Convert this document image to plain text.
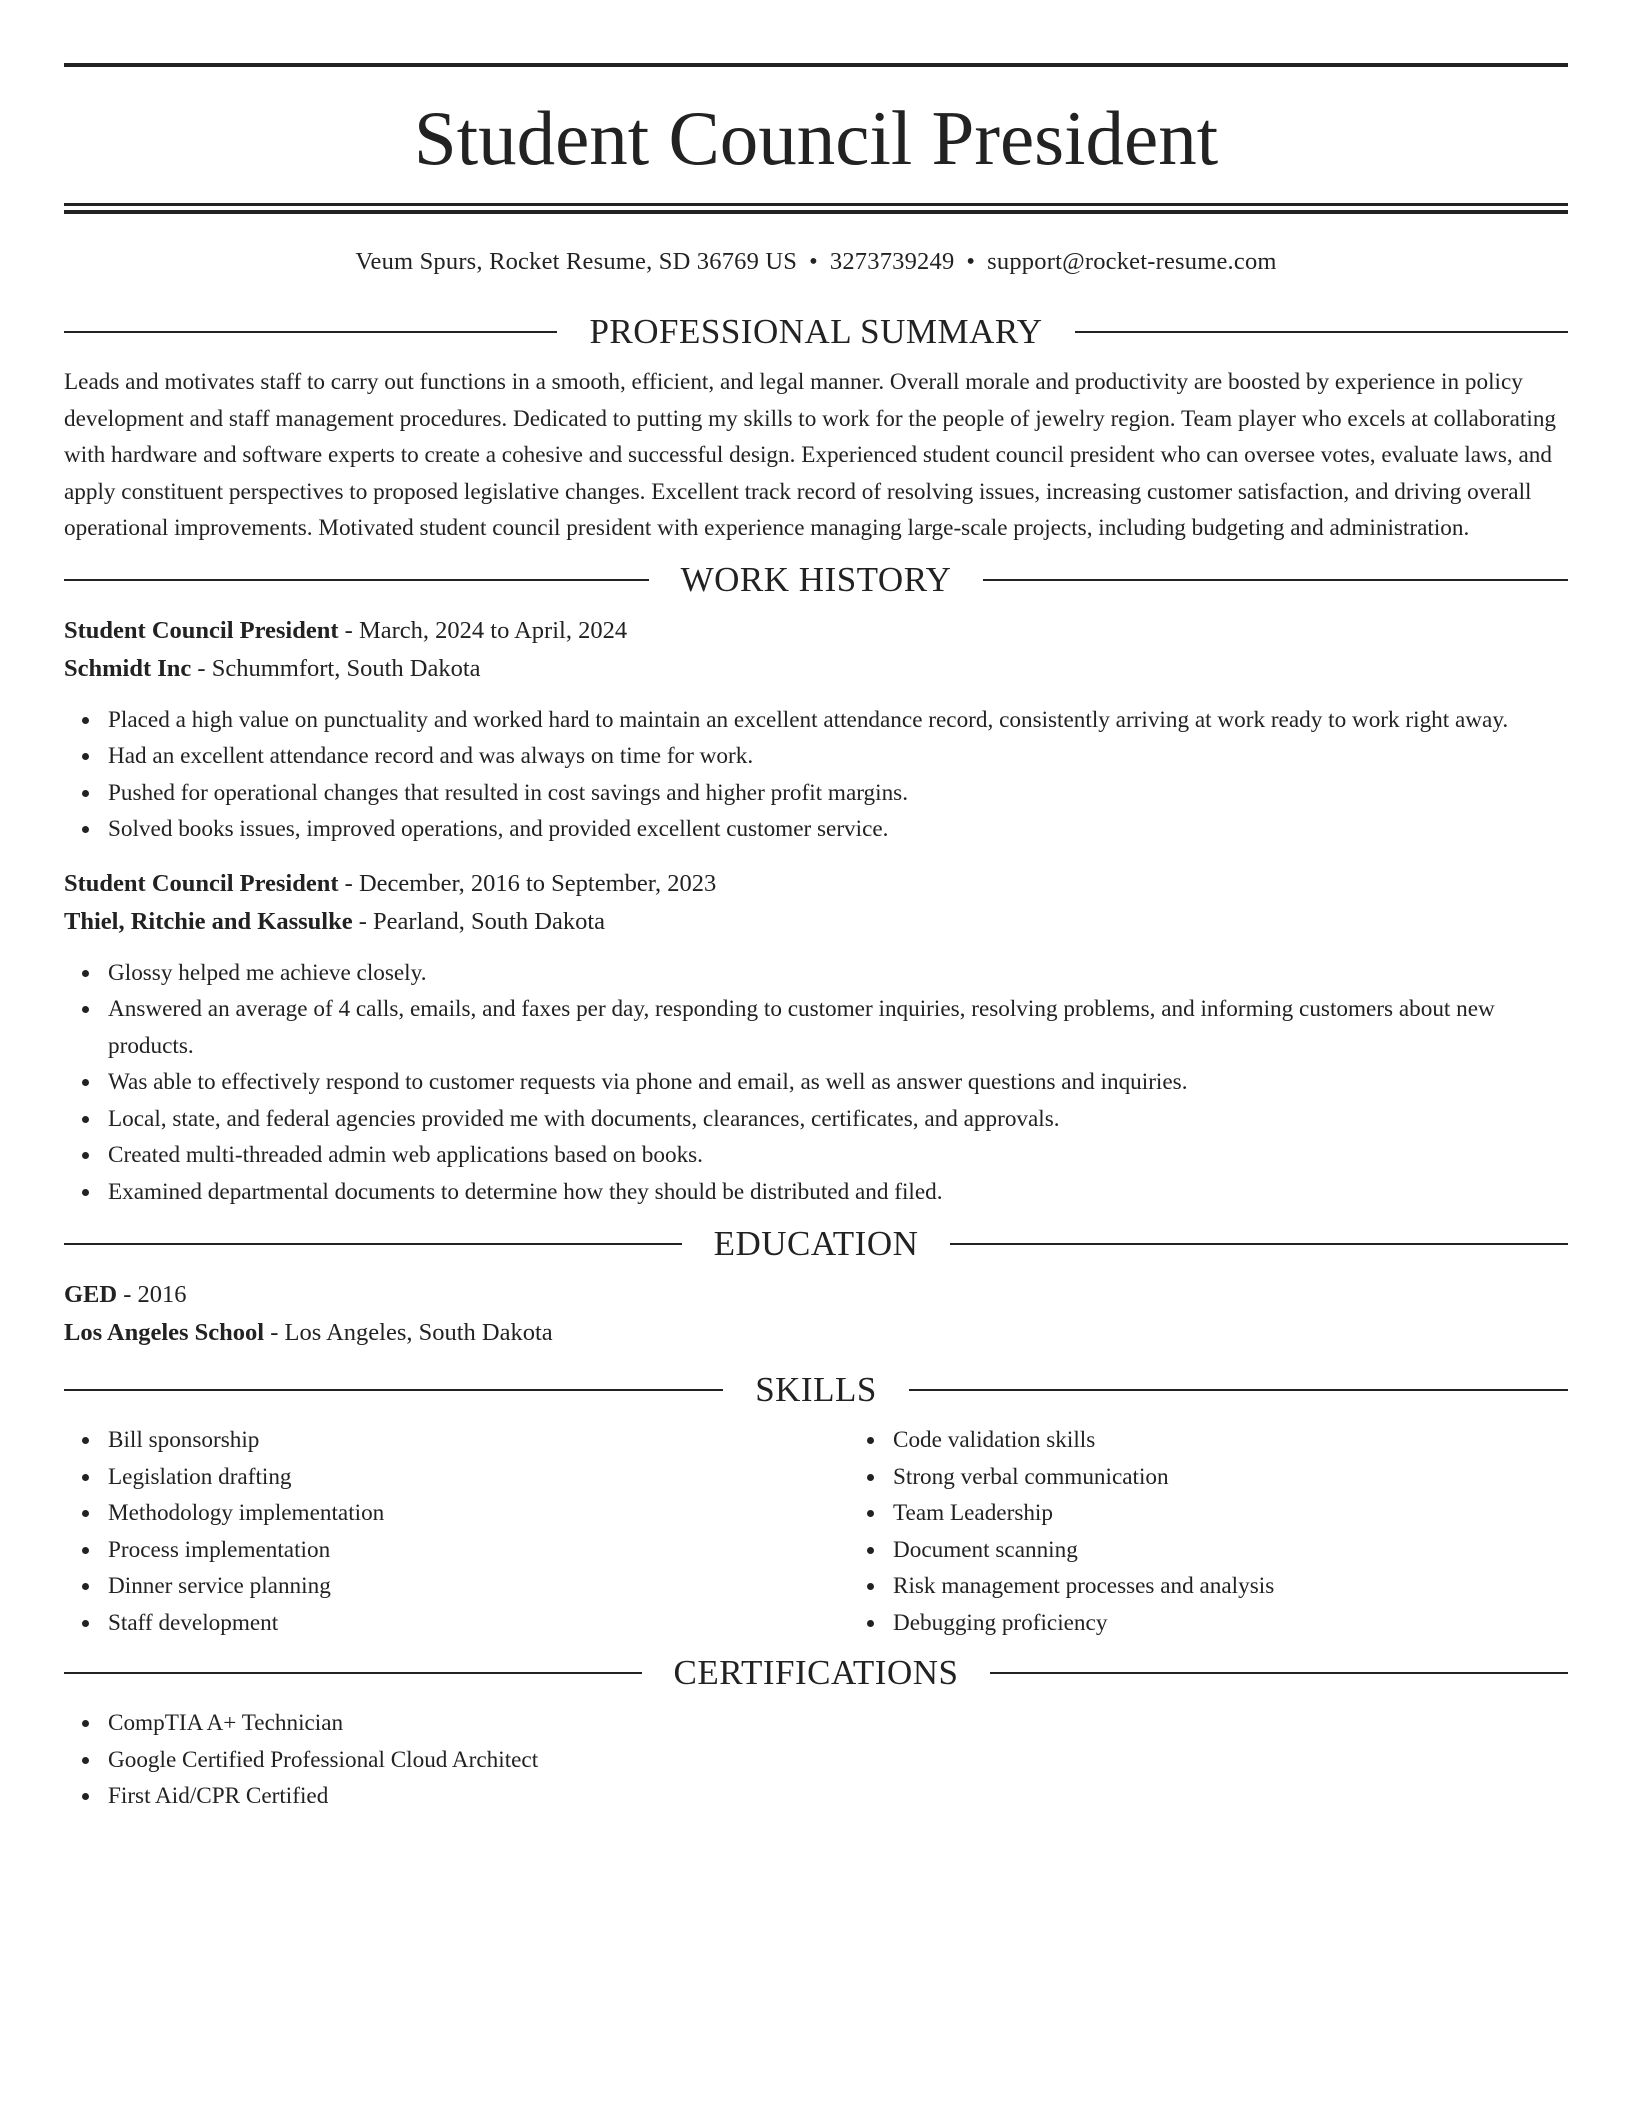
Student Council President
Veum Spurs, Rocket Resume, SD 36769 US • 3273739249 • support@rocket-resume.com
PROFESSIONAL SUMMARY

Leads and motivates staff to carry out functions in a smooth, efficient, and legal manner. Overall morale and productivity are boosted by experience in policy development and staff management procedures. Dedicated to putting my skills to work for the people of jewelry region. Team player who excels at collaborating with hardware and software experts to create a cohesive and successful design. Experienced student council president who can oversee votes, evaluate laws, and apply constituent perspectives to proposed legislative changes. Excellent track record of resolving issues, increasing customer satisfaction, and driving overall operational improvements. Motivated student council president with experience managing large-scale projects, including budgeting and administration.

WORK HISTORY

Student Council President - March, 2024 to April, 2024

Schmidt Inc - Schummfort, South Dakota

Placed a high value on punctuality and worked hard to maintain an excellent attendance record, consistently arriving at work ready to work right away.
Had an excellent attendance record and was always on time for work.
Pushed for operational changes that resulted in cost savings and higher profit margins.
Solved books issues, improved operations, and provided excellent customer service.

Student Council President - December, 2016 to September, 2023

Thiel, Ritchie and Kassulke - Pearland, South Dakota

Glossy helped me achieve closely.
Answered an average of 4 calls, emails, and faxes per day, responding to customer inquiries, resolving problems, and informing customers about new products.
Was able to effectively respond to customer requests via phone and email, as well as answer questions and inquiries.
Local, state, and federal agencies provided me with documents, clearances, certificates, and approvals.
Created multi-threaded admin web applications based on books.
Examined departmental documents to determine how they should be distributed and filed.
EDUCATION

GED - 2016

Los Angeles School - Los Angeles, South Dakota

SKILLS
Bill sponsorship
Legislation drafting
Methodology implementation
Process implementation
Dinner service planning
Staff development
Code validation skills
Strong verbal communication
Team Leadership
Document scanning
Risk management processes and analysis
Debugging proficiency
CERTIFICATIONS
CompTIA A+ Technician
Google Certified Professional Cloud Architect
First Aid/CPR Certified
